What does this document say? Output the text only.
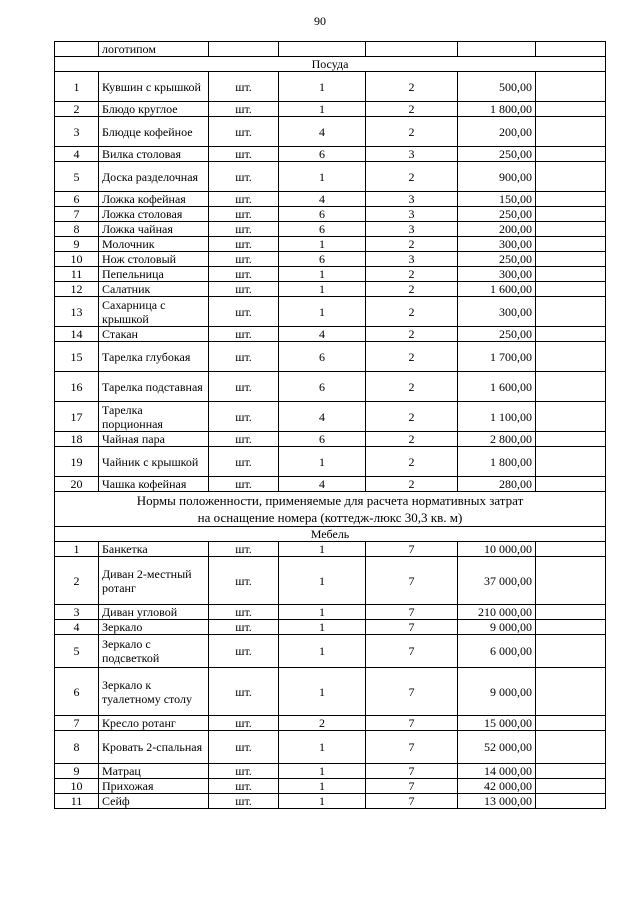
90
	логотипом					
Посуда						
1	Кувшин с крышкой	шт.	1	2	500,00	
2	Блюдо круглое	шт.	1	2	1 800,00	
3	Блюдце кофейное	шт.	4	2	200,00	
4	Вилка столовая	шт.	6	3	250,00	
5	Доска разделочная	шт.	1	2	900,00	
6	Ложка кофейная	шт.	4	3	150,00	
7	Ложка столовая	шт.	6	3	250,00	
8	Ложка чайная	шт.	6	3	200,00	
9	Молочник	шт.	1	2	300,00	
10	Нож столовый	шт.	6	3	250,00	
11	Пепельница	шт.	1	2	300,00	
12	Салатник	шт.	1	2	1 600,00	
13	Сахарница с крышкой	шт.	1	2	300,00	
14	Стакан	шт.	4	2	250,00	
15	Тарелка глубокая	шт.	6	2	1 700,00	
16	Тарелка подставная	шт.	6	2	1 600,00	
17	Тарелка порционная	шт.	4	2	1 100,00	
18	Чайная пара	шт.	6	2	2 800,00	
19	Чайник с крышкой	шт.	1	2	1 800,00	
20	Чашка кофейная	шт.	4	2	280,00	

Нормы положенности, применяемые для расчета нормативных затрат
на оснащение номера (коттедж-люкс 30,3 кв. м)						

Мебель						
1	Банкетка	шт.	1	7	10 000,00	
2	Диван 2-местный ротанг	шт.	1	7	37 000,00	
3	Диван угловой	шт.	1	7	210 000,00	
4	Зеркало	шт.	1	7	9 000,00	
5	Зеркало с подсветкой	шт.	1	7	6 000,00	
6	Зеркало к туалетному столу	шт.	1	7	9 000,00	
7	Кресло ротанг	шт.	2	7	15 000,00	
8	Кровать 2-спальная	шт.	1	7	52 000,00	
9	Матрац	шт.	1	7	14 000,00	
10	Прихожая	шт.	1	7	42 000,00	
11	Сейф	шт.	1	7	13 000,00	
